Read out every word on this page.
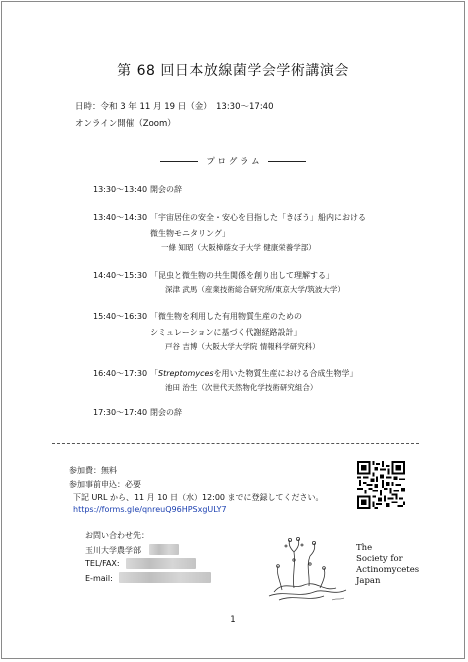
第 68 回日本放線菌学会学術講演会
日時：令和 3 年 11 月 19 日（金）　13:30～17:40
オンライン開催（Zoom）
プ ロ グ ラ ム
13:30～13:40 開会の辞
13:40～14:30 「宇宙居住の安全・安心を目指した「きぼう」船内における
微生物モニタリング」
一條 知昭（大阪樟蔭女子大学 健康栄養学部）
14:40～15:30 「昆虫と微生物の共生関係を創り出して理解する」
深津 武馬（産業技術総合研究所/東京大学/筑波大学）
15:40～16:30 「微生物を利用した有用物質生産のための
シミュレーションに基づく代謝経路設計」
戸谷 吉博（大阪大学大学院 情報科学研究科）
16:40～17:30 「Streptomycesを用いた物質生産における合成生物学」
池田 治生（次世代天然物化学技術研究組合）
17:30～17:40 閉会の辞
参加費：無料
参加事前申込：必要
下記 URL から、11 月 10 日（水）12:00 までに登録してください。
https://forms.gle/qnreuQ96HPSxgULY7
お問い合わせ先：
玉川大学農学部
TEL/FAX:
E-mail:
The
Society for
Actinomycetes
Japan
1
